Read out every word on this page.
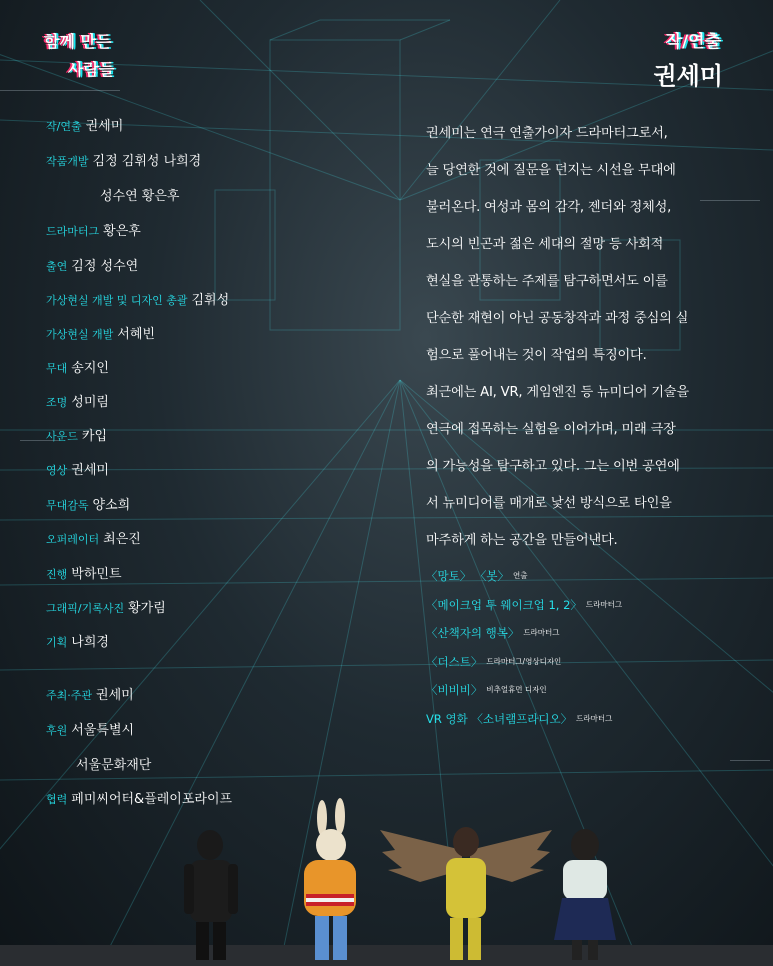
함께 만든
사람들
작/연출
권세미
작/연출 권세미
작품개발 김정 김휘성 나희경
성수연 황은후
드라마터그 황은후
출연 김정 성수연
가상현실 개발 및 디자인 총괄 김휘성
가상현실 개발 서혜빈
무대 송지인
조명 성미림
사운드 카입
영상 권세미
무대감독 양소희
오퍼레이터 최은진
진행 박하민트
그래픽/기록사진 황가림
기획 나희경
주최·주관 권세미
후원 서울특별시
서울문화재단
협력 페미씨어터&플레이포라이프
권세미는 연극 연출가이자 드라마터그로서,
늘 당연한 것에 질문을 던지는 시선을 무대에
불러온다. 여성과 몸의 감각, 젠더와 정체성,
도시의 빈곤과 젊은 세대의 절망 등 사회적
현실을 관통하는 주제를 탐구하면서도 이를
단순한 재현이 아닌 공동창작과 과정 중심의 실
험으로 풀어내는 것이 작업의 특징이다.
최근에는 AI, VR, 게임엔진 등 뉴미디어 기술을
연극에 접목하는 실험을 이어가며, 미래 극장
의 가능성을 탐구하고 있다. 그는 이번 공연에
서 뉴미디어를 매개로 낯선 방식으로 타인을
마주하게 하는 공간을 만들어낸다.
〈망토〉 〈봇〉 연출
〈메이크업 투 웨이크업 1, 2〉 드라마터그
〈산책자의 행복〉 드라마터그
〈더스트〉 드라마터그/영상디자인
〈비비비〉 비추얼휴먼 디자인
VR 영화 〈소녀램프라디오〉 드라마터그
